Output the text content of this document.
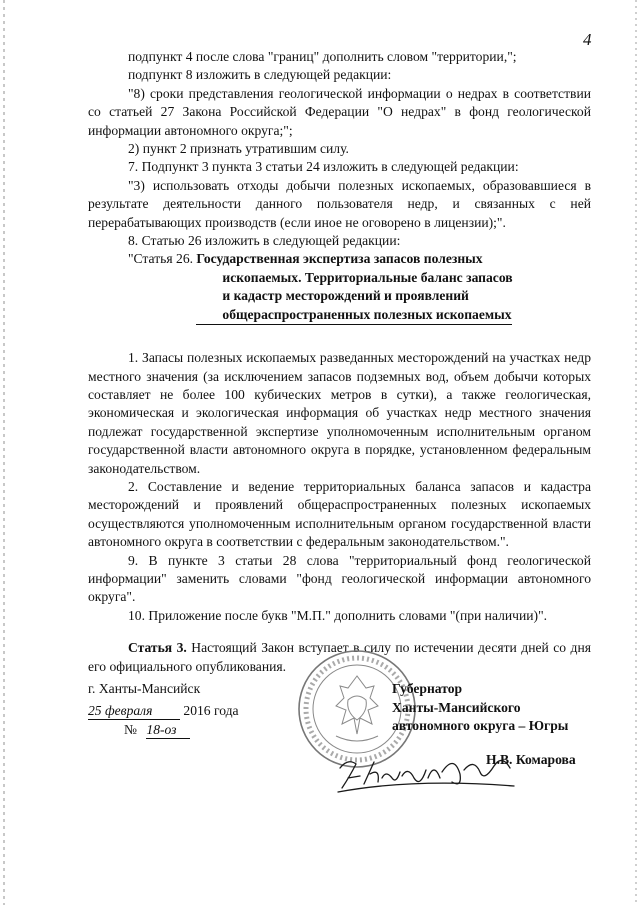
4

подпункт 4 после слова "границ" дополнить словом "территории,";

подпункт 8 изложить в следующей редакции:

"8) сроки представления геологической информации о недрах в соответствии со статьей 27 Закона Российской Федерации "О недрах" в фонд геологической информации автономного округа;";

2) пункт 2 признать утратившим силу.

7. Подпункт 3 пункта 3 статьи 24 изложить в следующей редакции:

"3) использовать отходы добычи полезных ископаемых, образовавшиеся в результате деятельности данного пользователя недр, и связанных с ней перерабатывающих производств (если иное не оговорено в лицензии);".

8. Статью 26 изложить в следующей редакции:

"Статья 26. Государственная экспертиза запасов полезных
ископаемых. Территориальные баланс запасов
и кадастр месторождений и проявлений
общераспространенных полезных ископаемых

1. Запасы полезных ископаемых разведанных месторождений на участках недр местного значения (за исключением запасов подземных вод, объем добычи которых составляет не более 100 кубических метров в сутки), а также геологическая, экономическая и экологическая информация об участках недр местного значения подлежат государственной экспертизе уполномоченным исполнительным органом государственной власти автономного округа в порядке, установленном федеральным законодательством.

2. Составление и ведение территориальных баланса запасов и кадастра месторождений и проявлений общераспространенных полезных ископаемых осуществляются уполномоченным исполнительным органом государственной власти автономного округа в соответствии с федеральным законодательством.".

9. В пункте 3 статьи 28 слова "территориальный фонд геологической информации" заменить словами "фонд геологической информации автономного округа".

10. Приложение после букв "М.П." дополнить словами "(при наличии)".

Статья 3. Настоящий Закон вступает в силу по истечении десяти дней со дня его официального опубликования.

г. Ханты-Мансийск
25 февраля 2016 года
№ 18-оз
Губернатор
Ханты-Мансийского
автономного округа – Югры
Н.В. Комарова
